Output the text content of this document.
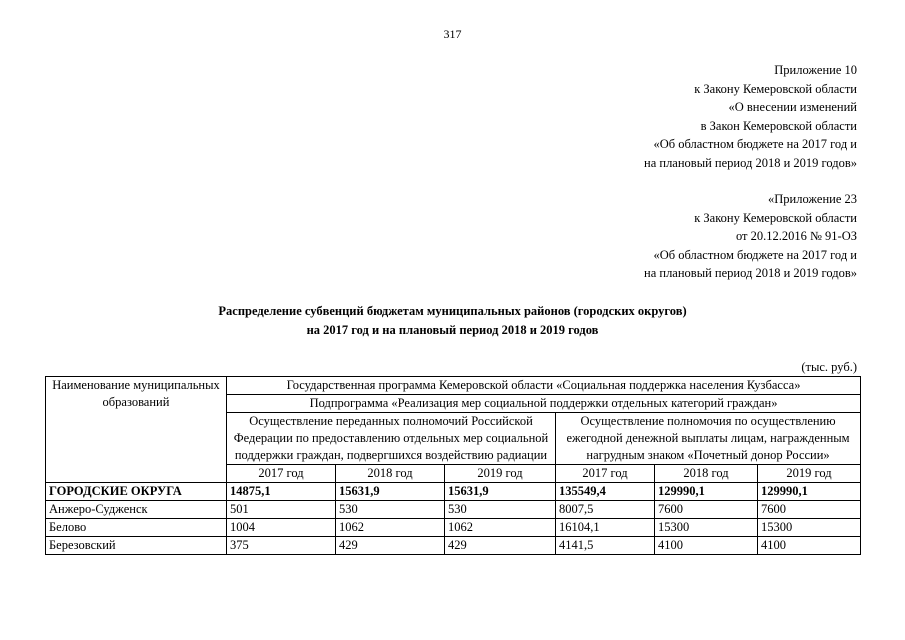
317
Приложение 10
к Закону Кемеровской области
«О внесении изменений
в Закон Кемеровской области
«Об областном бюджете на 2017 год и
на плановый период 2018 и 2019 годов»
«Приложение 23
к Закону Кемеровской области
от 20.12.2016 № 91-ОЗ
«Об областном бюджете на 2017 год и
на плановый период 2018 и 2019 годов»
Распределение субвенций бюджетам муниципальных районов (городских округов)
на 2017 год и на плановый период 2018 и 2019 годов
(тыс. руб.)
Наименование муниципальных образований	Государственная программа Кемеровской области «Социальная поддержка населения Кузбасса»					
	Подпрограмма «Реализация мер социальной поддержки отдельных категорий граждан»					
	Осуществление переданных полномочий Российской Федерации по предоставлению отдельных мер социальной поддержки граждан, подвергшихся воздействию радиации			Осуществление полномочия по осуществлению ежегодной денежной выплаты лицам, награжденным нагрудным знаком «Почетный донор России»		
	2017 год	2018 год	2019 год	2017 год	2018 год	2019 год
ГОРОДСКИЕ ОКРУГА	14875,1	15631,9	15631,9	135549,4	129990,1	129990,1
Анжеро-Судженск	501	530	530	8007,5	7600	7600
Белово	1004	1062	1062	16104,1	15300	15300
Березовский	375	429	429	4141,5	4100	4100
